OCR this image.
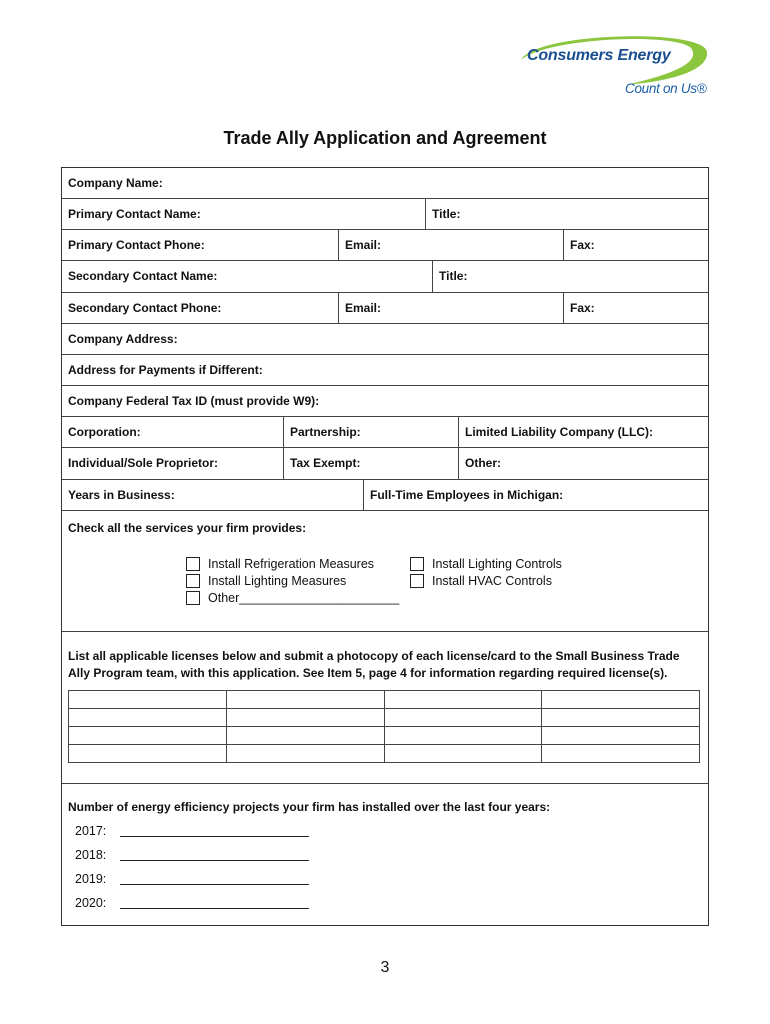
Consumers Energy
Count on Us®
Trade Ally Application and Agreement
Company Name:
Primary Contact Name:	Title:
Primary Contact Phone:	Email:	Fax:
Secondary Contact Name:	Title:
Secondary Contact Phone:	Email:	Fax:
Company Address:
Address for Payments if Different:
Company Federal Tax ID (must provide W9):
Corporation:	Partnership:	Limited Liability Company (LLC):
Individual/Sole Proprietor:	Tax Exempt:	Other:
Years in Business:	Full-Time Employees in Michigan:
Check all the services your firm provides:
Install Refrigeration Measures
Install Lighting Measures
Other_______________________
Install Lighting Controls
Install HVAC Controls
List all applicable licenses below and submit a photocopy of each license/card to the Small Business Trade Ally Program team, with this application. See Item 5, page 4 for information regarding required license(s).

Number of energy efficiency projects your firm has installed over the last four years:
2017:
2018:
2019:
2020:
3
